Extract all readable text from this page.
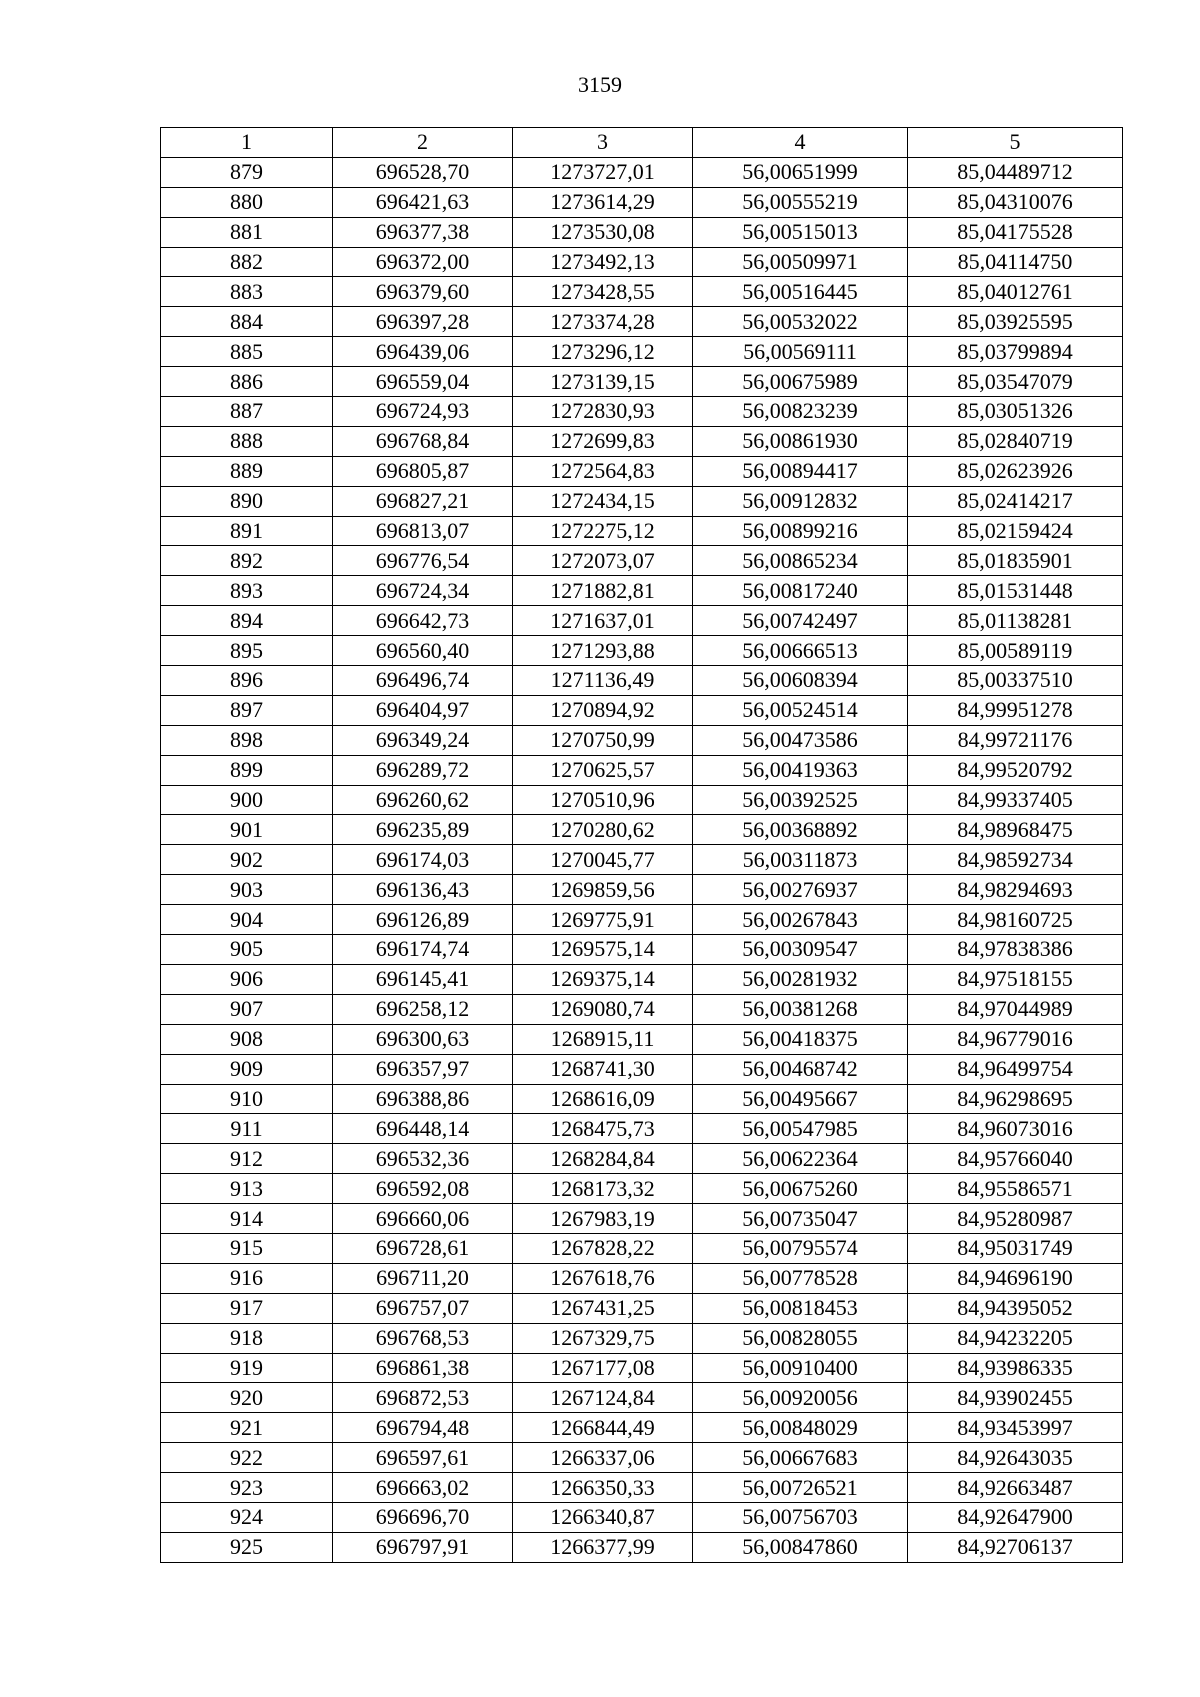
3159
1	2	3	4	5
879	696528,70	1273727,01	56,00651999	85,04489712
880	696421,63	1273614,29	56,00555219	85,04310076
881	696377,38	1273530,08	56,00515013	85,04175528
882	696372,00	1273492,13	56,00509971	85,04114750
883	696379,60	1273428,55	56,00516445	85,04012761
884	696397,28	1273374,28	56,00532022	85,03925595
885	696439,06	1273296,12	56,00569111	85,03799894
886	696559,04	1273139,15	56,00675989	85,03547079
887	696724,93	1272830,93	56,00823239	85,03051326
888	696768,84	1272699,83	56,00861930	85,02840719
889	696805,87	1272564,83	56,00894417	85,02623926
890	696827,21	1272434,15	56,00912832	85,02414217
891	696813,07	1272275,12	56,00899216	85,02159424
892	696776,54	1272073,07	56,00865234	85,01835901
893	696724,34	1271882,81	56,00817240	85,01531448
894	696642,73	1271637,01	56,00742497	85,01138281
895	696560,40	1271293,88	56,00666513	85,00589119
896	696496,74	1271136,49	56,00608394	85,00337510
897	696404,97	1270894,92	56,00524514	84,99951278
898	696349,24	1270750,99	56,00473586	84,99721176
899	696289,72	1270625,57	56,00419363	84,99520792
900	696260,62	1270510,96	56,00392525	84,99337405
901	696235,89	1270280,62	56,00368892	84,98968475
902	696174,03	1270045,77	56,00311873	84,98592734
903	696136,43	1269859,56	56,00276937	84,98294693
904	696126,89	1269775,91	56,00267843	84,98160725
905	696174,74	1269575,14	56,00309547	84,97838386
906	696145,41	1269375,14	56,00281932	84,97518155
907	696258,12	1269080,74	56,00381268	84,97044989
908	696300,63	1268915,11	56,00418375	84,96779016
909	696357,97	1268741,30	56,00468742	84,96499754
910	696388,86	1268616,09	56,00495667	84,96298695
911	696448,14	1268475,73	56,00547985	84,96073016
912	696532,36	1268284,84	56,00622364	84,95766040
913	696592,08	1268173,32	56,00675260	84,95586571
914	696660,06	1267983,19	56,00735047	84,95280987
915	696728,61	1267828,22	56,00795574	84,95031749
916	696711,20	1267618,76	56,00778528	84,94696190
917	696757,07	1267431,25	56,00818453	84,94395052
918	696768,53	1267329,75	56,00828055	84,94232205
919	696861,38	1267177,08	56,00910400	84,93986335
920	696872,53	1267124,84	56,00920056	84,93902455
921	696794,48	1266844,49	56,00848029	84,93453997
922	696597,61	1266337,06	56,00667683	84,92643035
923	696663,02	1266350,33	56,00726521	84,92663487
924	696696,70	1266340,87	56,00756703	84,92647900
925	696797,91	1266377,99	56,00847860	84,92706137
